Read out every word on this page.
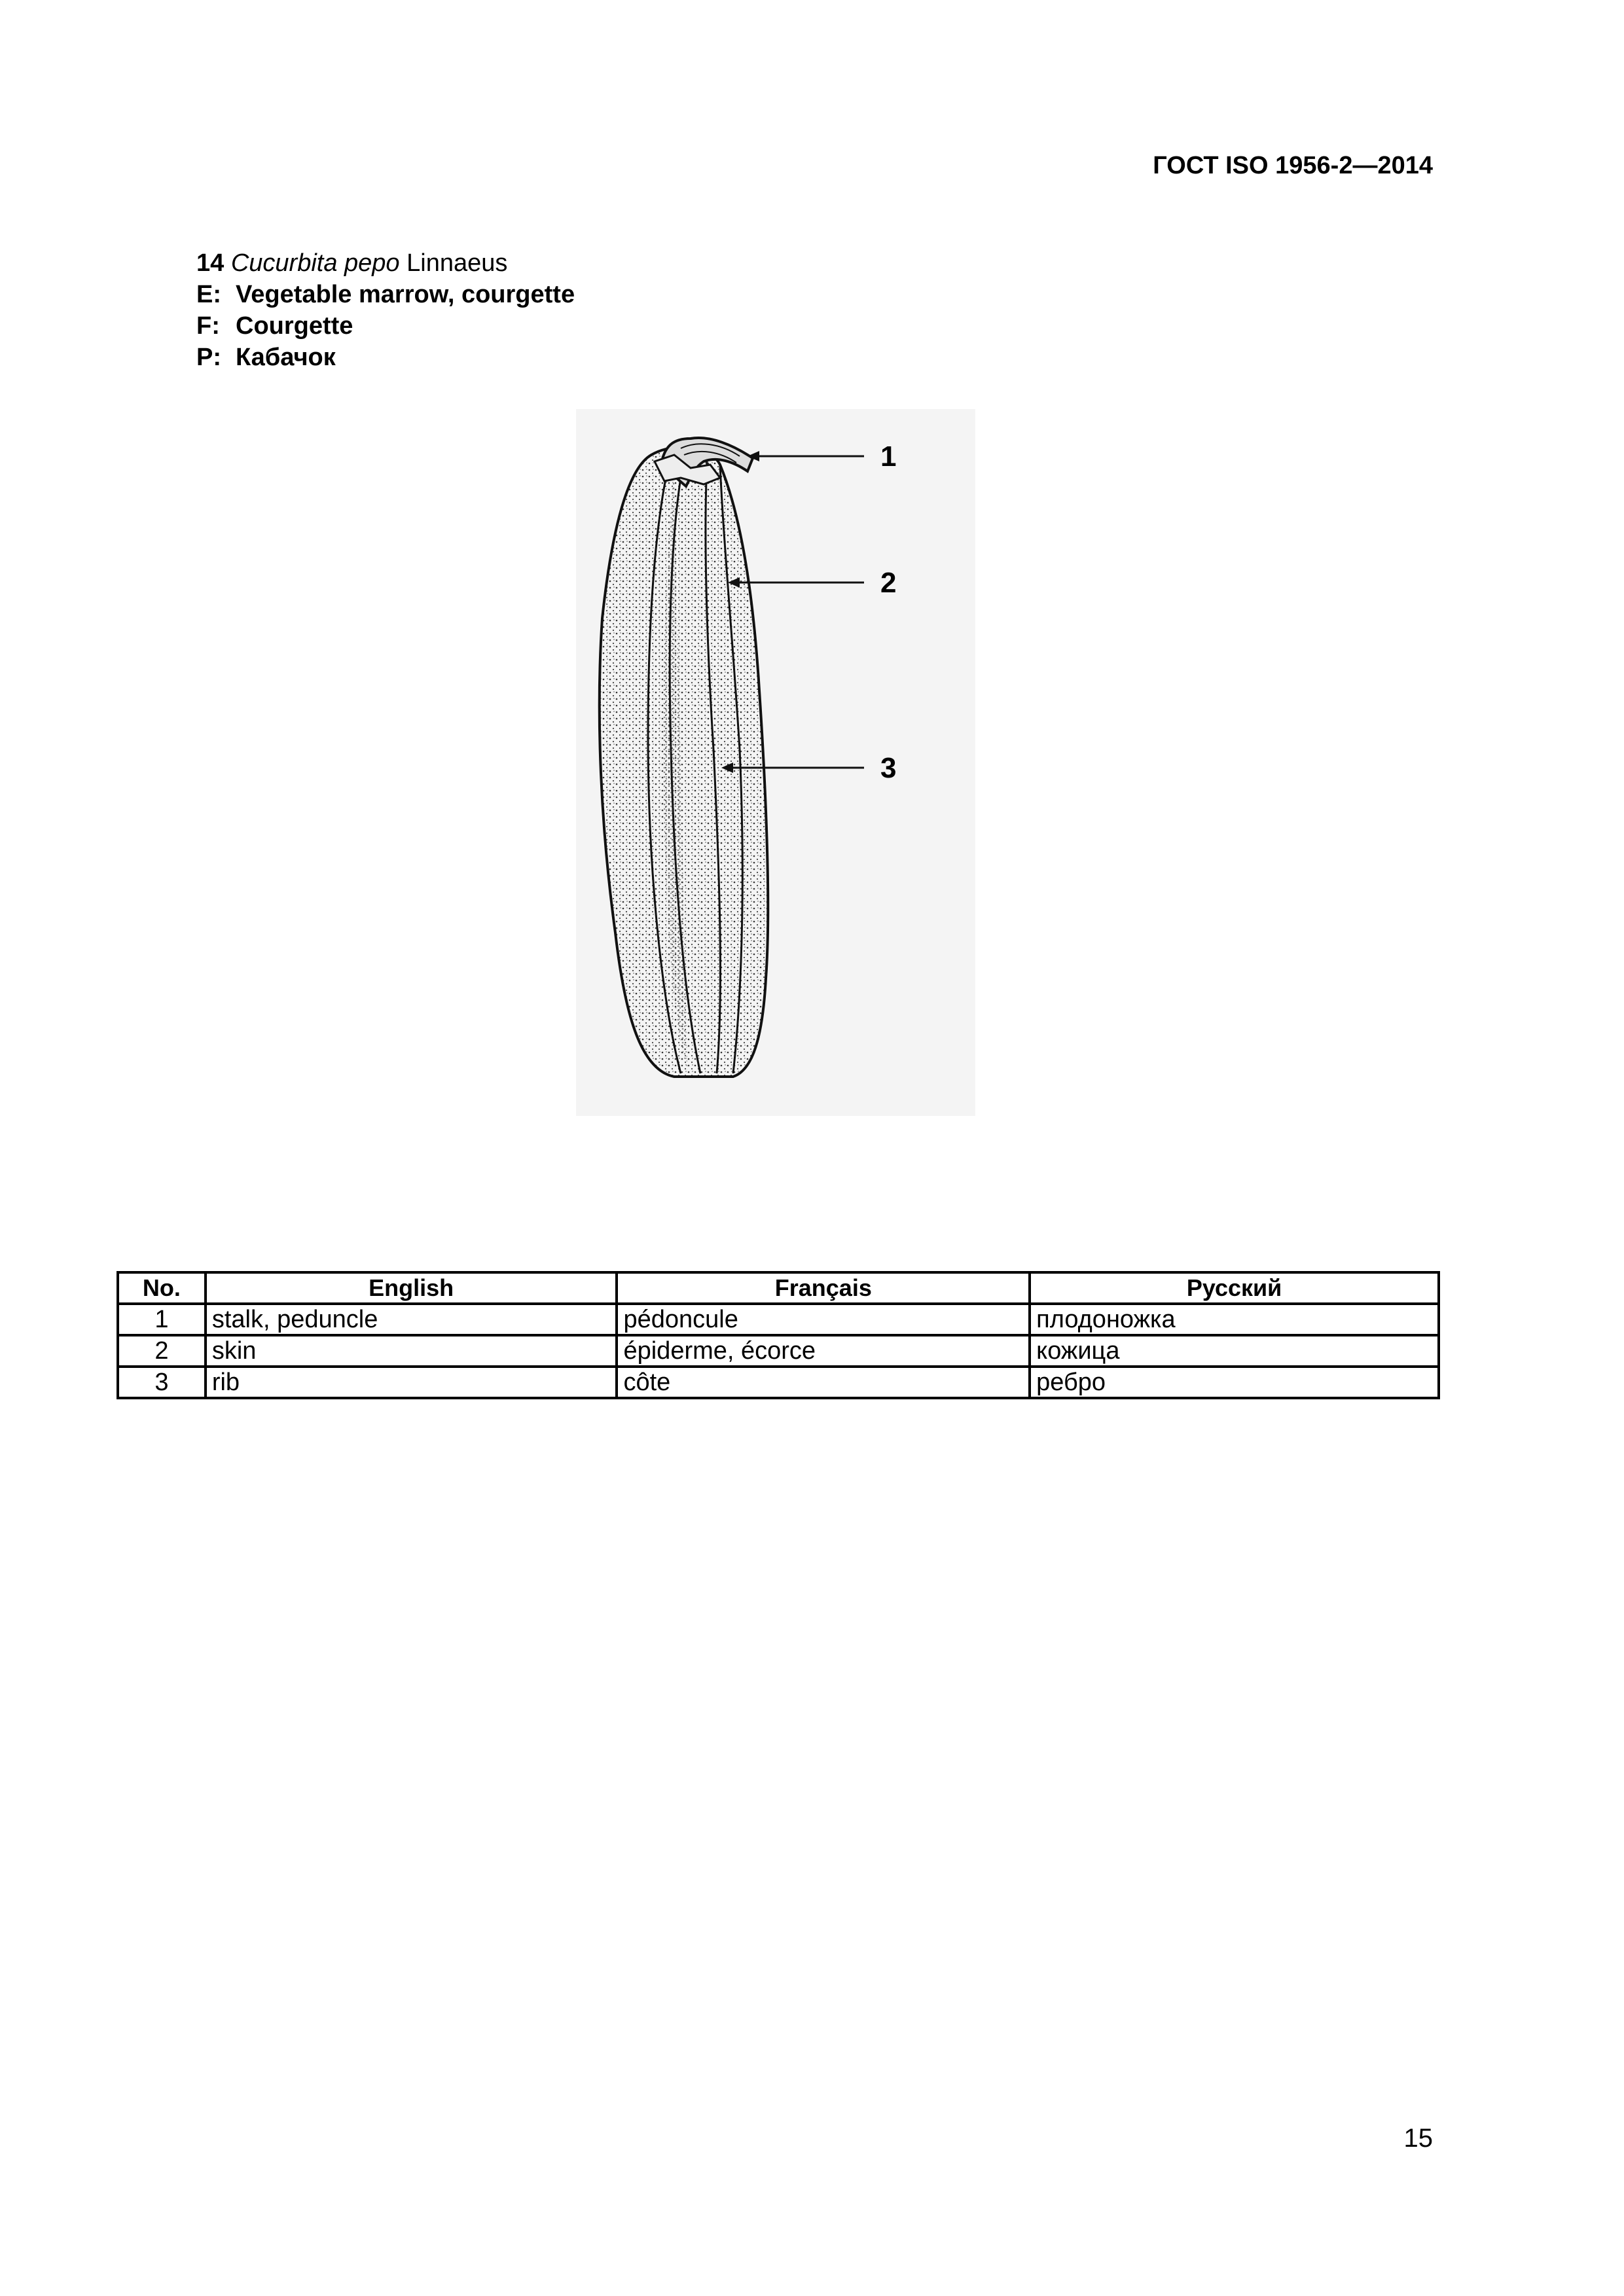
ГОСТ ISO 1956-2—2014
14 Cucurbita pepo Linnaeus
E: Vegetable marrow, courgette
F: Courgette
P: Кабачок
1
2
3
No.	English	Français	Русский
1	stalk, peduncle	pédoncule	плодоножка
2	skin	épiderme, écorce	кожица
3	rib	côte	ребро
15
